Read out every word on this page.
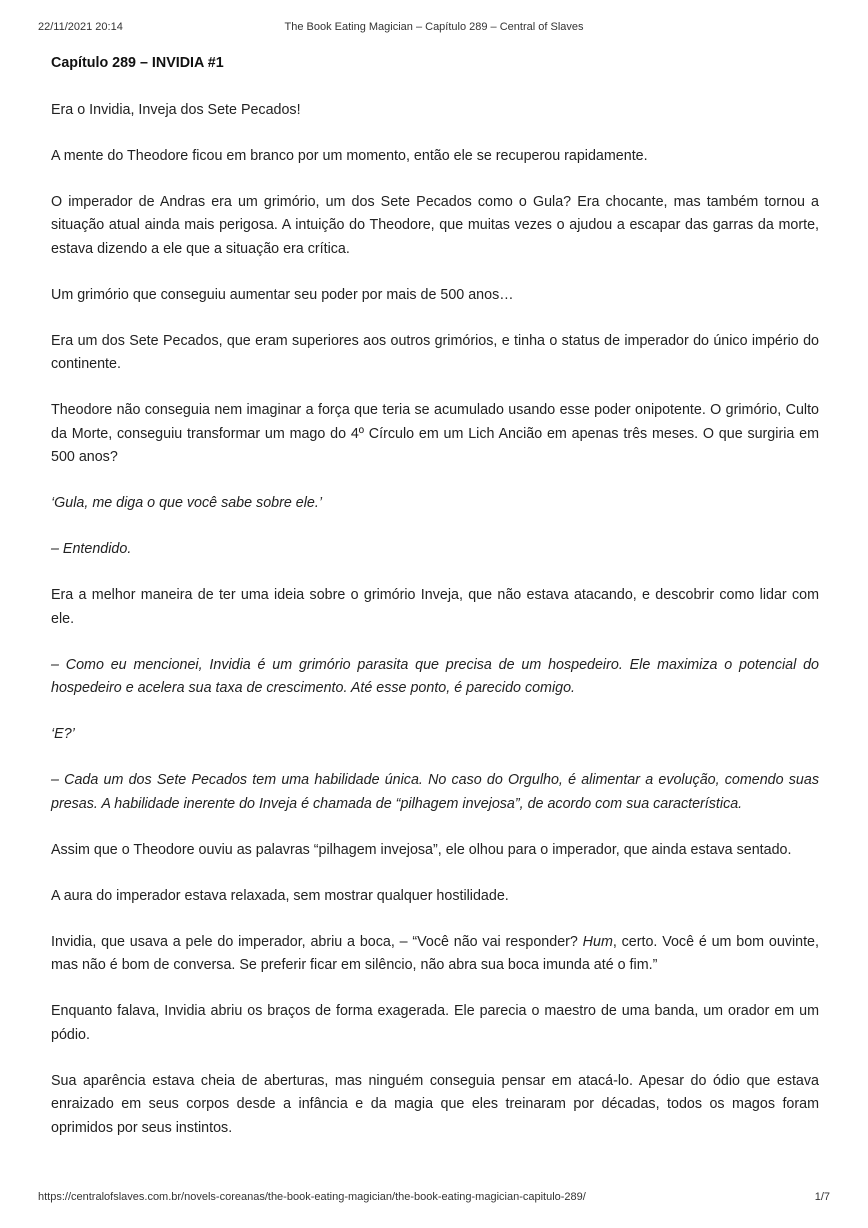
22/11/2021 20:14	The Book Eating Magician – Capítulo 289 – Central of Slaves
Capítulo 289 – INVIDIA #1

Era o Invidia, Inveja dos Sete Pecados!

A mente do Theodore ficou em branco por um momento, então ele se recuperou rapidamente.

O imperador de Andras era um grimório, um dos Sete Pecados como o Gula? Era chocante, mas também tornou a situação atual ainda mais perigosa. A intuição do Theodore, que muitas vezes o ajudou a escapar das garras da morte, estava dizendo a ele que a situação era crítica.

Um grimório que conseguiu aumentar seu poder por mais de 500 anos…

Era um dos Sete Pecados, que eram superiores aos outros grimórios, e tinha o status de imperador do único império do continente.

Theodore não conseguia nem imaginar a força que teria se acumulado usando esse poder onipotente. O grimório, Culto da Morte, conseguiu transformar um mago do 4º Círculo em um Lich Ancião em apenas três meses. O que surgiria em 500 anos?

‘Gula, me diga o que você sabe sobre ele.’

– Entendido.

Era a melhor maneira de ter uma ideia sobre o grimório Inveja, que não estava atacando, e descobrir como lidar com ele.

– Como eu mencionei, Invidia é um grimório parasita que precisa de um hospedeiro. Ele maximiza o potencial do hospedeiro e acelera sua taxa de crescimento. Até esse ponto, é parecido comigo.

‘E?’

– Cada um dos Sete Pecados tem uma habilidade única. No caso do Orgulho, é alimentar a evolução, comendo suas presas. A habilidade inerente do Inveja é chamada de “pilhagem invejosa”, de acordo com sua característica.

Assim que o Theodore ouviu as palavras “pilhagem invejosa”, ele olhou para o imperador, que ainda estava sentado.

A aura do imperador estava relaxada, sem mostrar qualquer hostilidade.

Invidia, que usava a pele do imperador, abriu a boca, – “Você não vai responder? Hum, certo. Você é um bom ouvinte, mas não é bom de conversa. Se preferir ficar em silêncio, não abra sua boca imunda até o fim.”

Enquanto falava, Invidia abriu os braços de forma exagerada. Ele parecia o maestro de uma banda, um orador em um pódio.

Sua aparência estava cheia de aberturas, mas ninguém conseguia pensar em atacá-lo. Apesar do ódio que estava enraizado em seus corpos desde a infância e da magia que eles treinaram por décadas, todos os magos foram oprimidos por seus instintos.

https://centralofslaves.com.br/novels-coreanas/the-book-eating-magician/the-book-eating-magician-capitulo-289/	1/7
